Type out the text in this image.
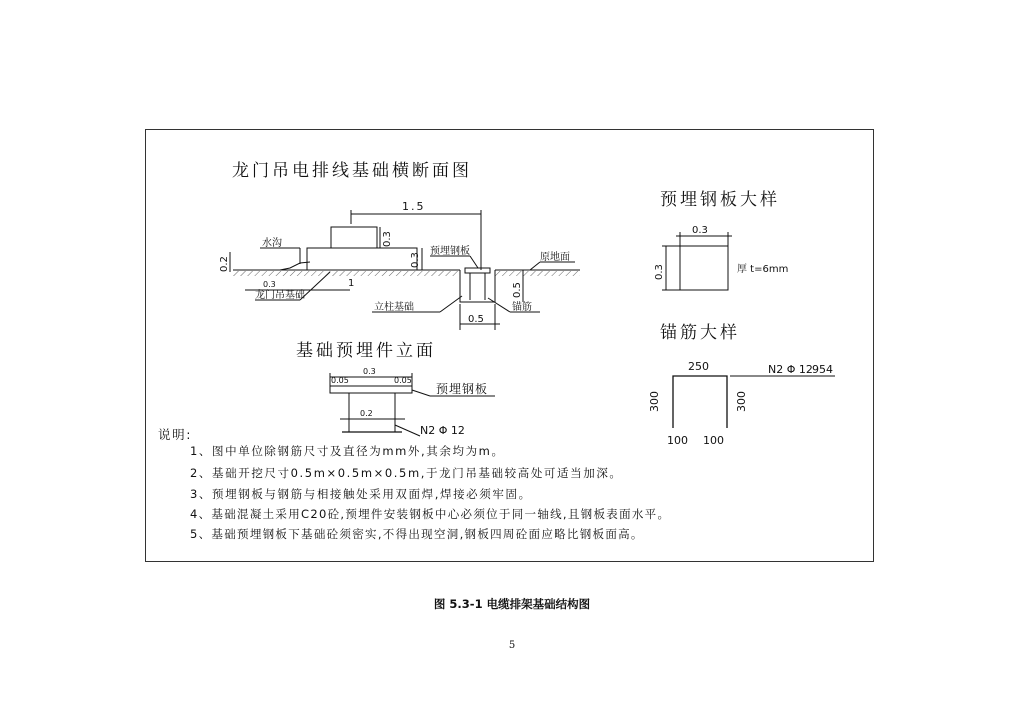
龙门吊电排线基础横断面图
预埋钢板大样
锚筋大样
基础预埋件立面
1.5
0.3
0.2	0.3
0.5
0.5
0.3	1
水沟
预埋钢板
原地面
龙门吊基础
立柱基础	锚筋
0.3
0.3	厚 t=6mm
250
300	300
100 100
N2 Φ 12 954
0.3
0.05	0.05
0.2
预埋钢板
N2 Φ 12
说明:
1、图中单位除钢筋尺寸及直径为mm外,其余均为m。
2、基础开挖尺寸0.5m×0.5m×0.5m,于龙门吊基础较高处可适当加深。
3、预埋钢板与钢筋与相接触处采用双面焊,焊接必须牢固。
4、基础混凝土采用C20砼,预埋件安装钢板中心必须位于同一轴线,且钢板表面水平。
5、基础预埋钢板下基础砼须密实,不得出现空洞,钢板四周砼面应略比钢板面高。
图 5.3-1 电缆排架基础结构图
5
